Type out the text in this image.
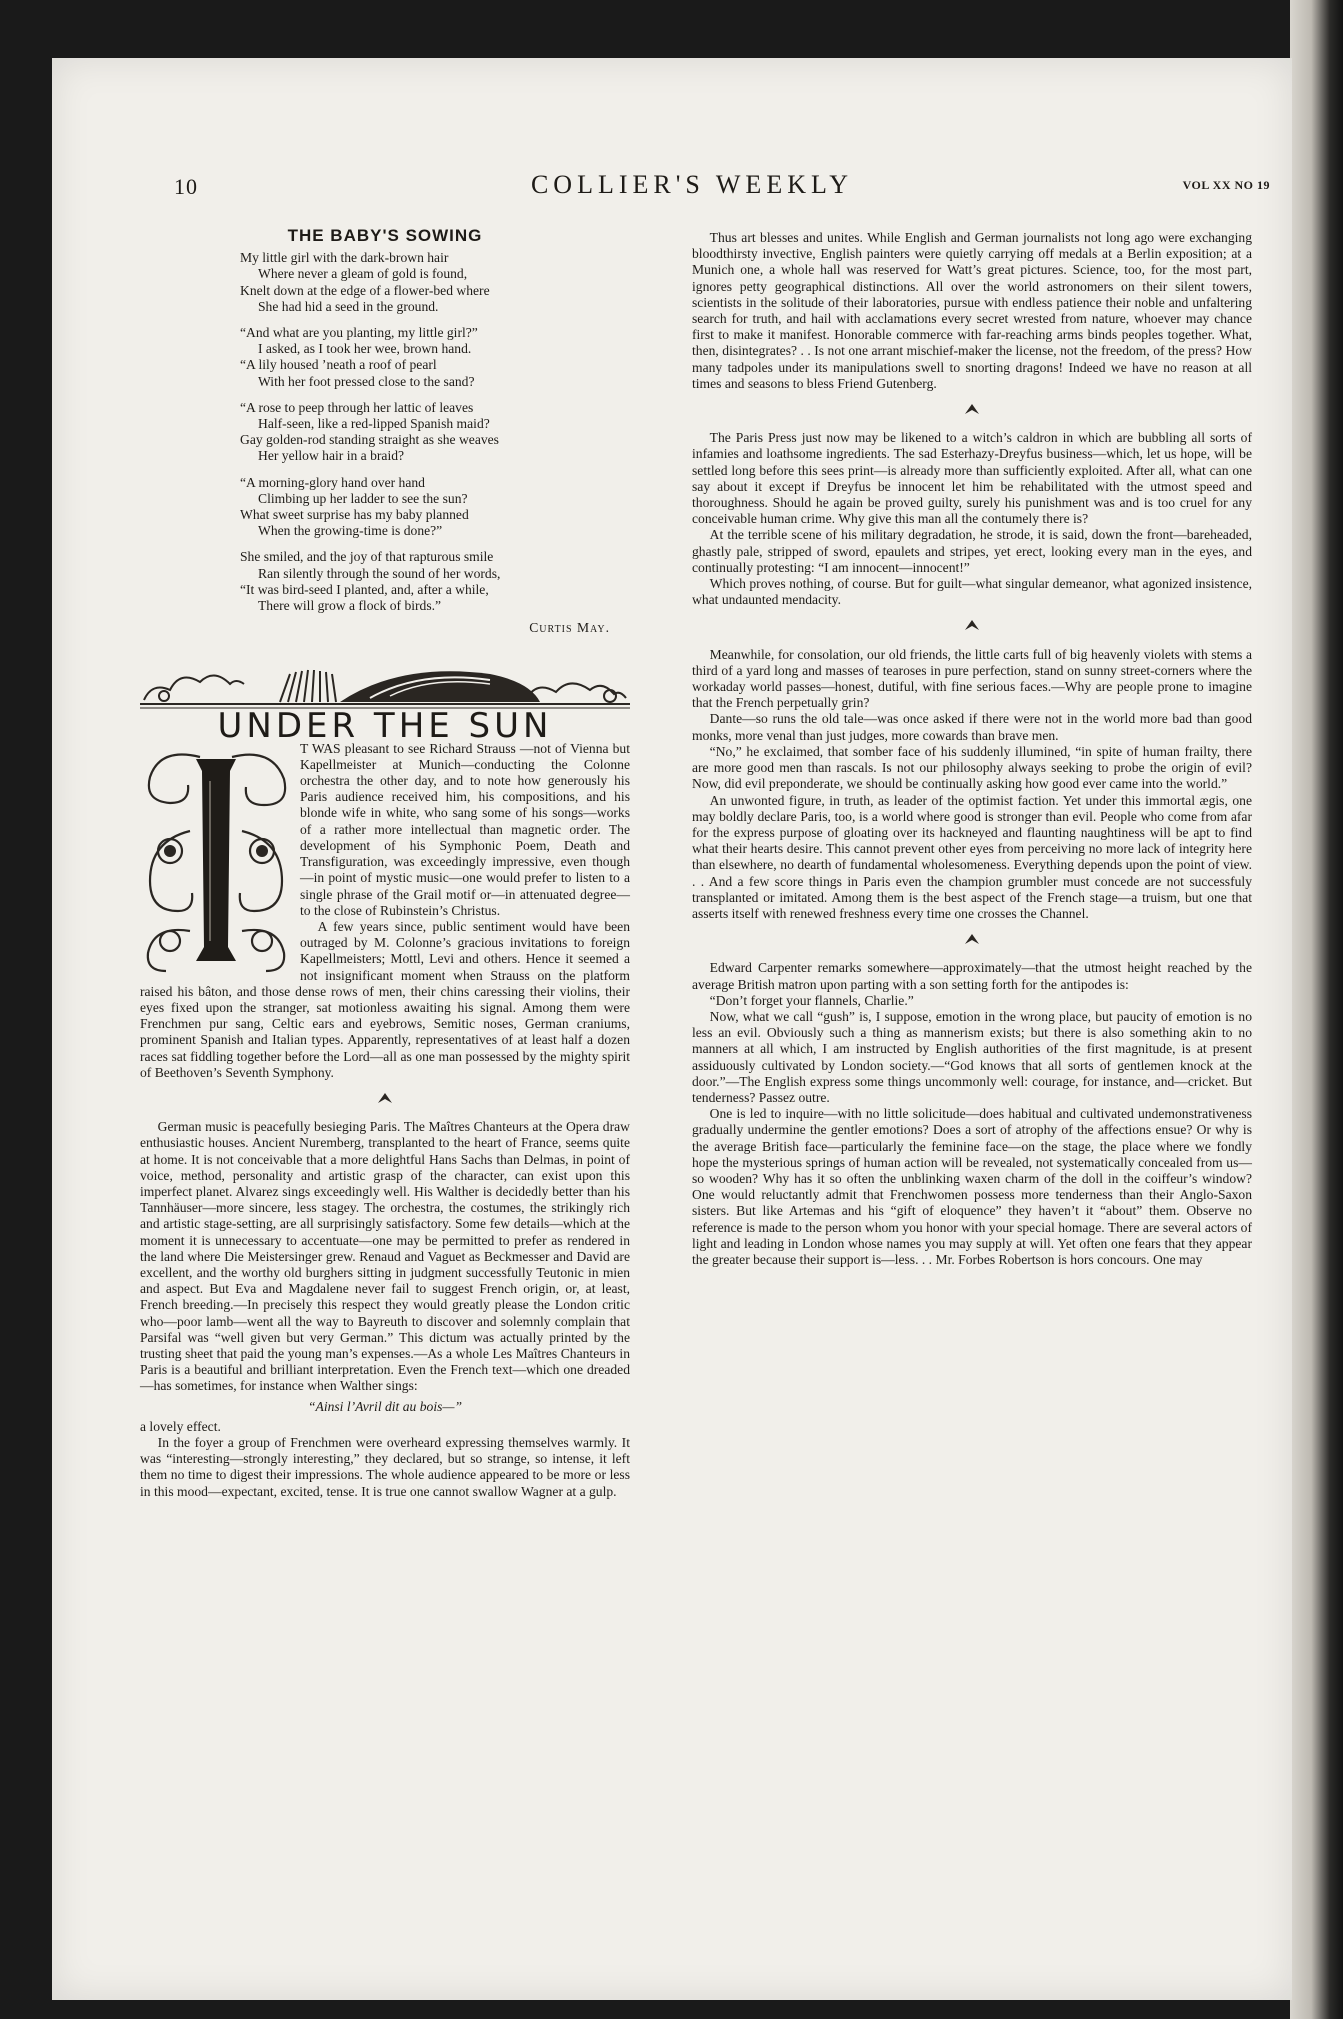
10	COLLIER'S WEEKLY	VOL XX NO 19
THE BABY'S SOWING
My little girl with the dark-brown hair
Where never a gleam of gold is found,
Knelt down at the edge of a flower-bed where
She had hid a seed in the ground.
“And what are you planting, my little girl?”
I asked, as I took her wee, brown hand.
“A lily housed ’neath a roof of pearl
With her foot pressed close to the sand?
“A rose to peep through her lattic of leaves
Half-seen, like a red-lipped Spanish maid?
Gay golden-rod standing straight as she weaves
Her yellow hair in a braid?
“A morning-glory hand over hand
Climbing up her ladder to see the sun?
What sweet surprise has my baby planned
When the growing-time is done?”
She smiled, and the joy of that rapturous smile
Ran silently through the sound of her words,
“It was bird-seed I planted, and, after a while,
There will grow a flock of birds.”
Curtis May.
UNDER THE SUN

T WAS pleasant to see Richard Strauss —not of Vienna but Kapellmeister at Munich—conducting the Colonne orchestra the other day, and to note how generously his Paris audience received him, his compositions, and his blonde wife in white, who sang some of his songs—works of a rather more intellectual than magnetic order. The development of his Symphonic Poem, Death and Transfiguration, was exceedingly impressive, even though—in point of mystic music—one would prefer to listen to a single phrase of the Grail motif or—in attenuated degree—to the close of Rubinstein’s Christus.

A few years since, public sentiment would have been outraged by M. Colonne’s gracious invitations to foreign Kapellmeisters; Mottl, Levi and others. Hence it seemed a not insignificant moment when Strauss on the platform raised his bâton, and those dense rows of men, their chins caressing their violins, their eyes fixed upon the stranger, sat motionless awaiting his signal. Among them were Frenchmen pur sang, Celtic ears and eyebrows, Semitic noses, German craniums, prominent Spanish and Italian types. Apparently, representatives of at least half a dozen races sat fiddling together before the Lord—all as one man possessed by the mighty spirit of Beethoven’s Seventh Symphony.

German music is peacefully besieging Paris. The Maîtres Chanteurs at the Opera draw enthusiastic houses. Ancient Nuremberg, transplanted to the heart of France, seems quite at home. It is not conceivable that a more delightful Hans Sachs than Delmas, in point of voice, method, personality and artistic grasp of the character, can exist upon this imperfect planet. Alvarez sings exceedingly well. His Walther is decidedly better than his Tannhäuser—more sincere, less stagey. The orchestra, the costumes, the strikingly rich and artistic stage-setting, are all surprisingly satisfactory. Some few details—which at the moment it is unnecessary to accentuate—one may be permitted to prefer as rendered in the land where Die Meistersinger grew. Renaud and Vaguet as Beckmesser and David are excellent, and the worthy old burghers sitting in judgment successfully Teutonic in mien and aspect. But Eva and Magdalene never fail to suggest French origin, or, at least, French breeding.—In precisely this respect they would greatly please the London critic who—poor lamb—went all the way to Bayreuth to discover and solemnly complain that Parsifal was “well given but very German.” This dictum was actually printed by the trusting sheet that paid the young man’s expenses.—As a whole Les Maîtres Chanteurs in Paris is a beautiful and brilliant interpretation. Even the French text—which one dreaded—has sometimes, for instance when Walther sings:

“Ainsi l’Avril dit au bois—”

a lovely effect.

In the foyer a group of Frenchmen were overheard expressing themselves warmly. It was “interesting—strongly interesting,” they declared, but so strange, so intense, it left them no time to digest their impressions. The whole audience appeared to be more or less in this mood—expectant, excited, tense. It is true one cannot swallow Wagner at a gulp.

Thus art blesses and unites. While English and German journalists not long ago were exchanging bloodthirsty invective, English painters were quietly carrying off medals at a Berlin exposition; at a Munich one, a whole hall was reserved for Watt’s great pictures. Science, too, for the most part, ignores petty geographical distinctions. All over the world astronomers on their silent towers, scientists in the solitude of their laboratories, pursue with endless patience their noble and unfaltering search for truth, and hail with acclamations every secret wrested from nature, whoever may chance first to make it manifest. Honorable commerce with far-reaching arms binds peoples together. What, then, disintegrates? . . Is not one arrant mischief-maker the license, not the freedom, of the press? How many tadpoles under its manipulations swell to snorting dragons! Indeed we have no reason at all times and seasons to bless Friend Gutenberg.

The Paris Press just now may be likened to a witch’s caldron in which are bubbling all sorts of infamies and loathsome ingredients. The sad Esterhazy-Dreyfus business—which, let us hope, will be settled long before this sees print—is already more than sufficiently exploited. After all, what can one say about it except if Dreyfus be innocent let him be rehabilitated with the utmost speed and thoroughness. Should he again be proved guilty, surely his punishment was and is too cruel for any conceivable human crime. Why give this man all the contumely there is?

At the terrible scene of his military degradation, he strode, it is said, down the front—bareheaded, ghastly pale, stripped of sword, epaulets and stripes, yet erect, looking every man in the eyes, and continually protesting: “I am innocent—innocent!”

Which proves nothing, of course. But for guilt—what singular demeanor, what agonized insistence, what undaunted mendacity.

Meanwhile, for consolation, our old friends, the little carts full of big heavenly violets with stems a third of a yard long and masses of tearoses in pure perfection, stand on sunny street-corners where the workaday world passes—honest, dutiful, with fine serious faces.—Why are people prone to imagine that the French perpetually grin?

Dante—so runs the old tale—was once asked if there were not in the world more bad than good monks, more venal than just judges, more cowards than brave men.

“No,” he exclaimed, that somber face of his suddenly illumined, “in spite of human frailty, there are more good men than rascals. Is not our philosophy always seeking to probe the origin of evil? Now, did evil preponderate, we should be continually asking how good ever came into the world.”

An unwonted figure, in truth, as leader of the optimist faction. Yet under this immortal ægis, one may boldly declare Paris, too, is a world where good is stronger than evil. People who come from afar for the express purpose of gloating over its hackneyed and flaunting naughtiness will be apt to find what their hearts desire. This cannot prevent other eyes from perceiving no more lack of integrity here than elsewhere, no dearth of fundamental wholesomeness. Everything depends upon the point of view. . . And a few score things in Paris even the champion grumbler must concede are not successfuly transplanted or imitated. Among them is the best aspect of the French stage—a truism, but one that asserts itself with renewed freshness every time one crosses the Channel.

Edward Carpenter remarks somewhere—approximately—that the utmost height reached by the average British matron upon parting with a son setting forth for the antipodes is:

“Don’t forget your flannels, Charlie.”

Now, what we call “gush” is, I suppose, emotion in the wrong place, but paucity of emotion is no less an evil. Obviously such a thing as mannerism exists; but there is also something akin to no manners at all which, I am instructed by English authorities of the first magnitude, is at present assiduously cultivated by London society.—“God knows that all sorts of gentlemen knock at the door.”—The English express some things uncommonly well: courage, for instance, and—cricket. But tenderness? Passez outre.

One is led to inquire—with no little solicitude—does habitual and cultivated undemonstrativeness gradually undermine the gentler emotions? Does a sort of atrophy of the affections ensue? Or why is the average British face—particularly the feminine face—on the stage, the place where we fondly hope the mysterious springs of human action will be revealed, not systematically concealed from us—so wooden? Why has it so often the unblinking waxen charm of the doll in the coiffeur’s window? One would reluctantly admit that Frenchwomen possess more tenderness than their Anglo-Saxon sisters. But like Artemas and his “gift of eloquence” they haven’t it “about” them. Observe no reference is made to the person whom you honor with your special homage. There are several actors of light and leading in London whose names you may supply at will. Yet often one fears that they appear the greater because their support is—less. . . Mr. Forbes Robertson is hors concours. One may
